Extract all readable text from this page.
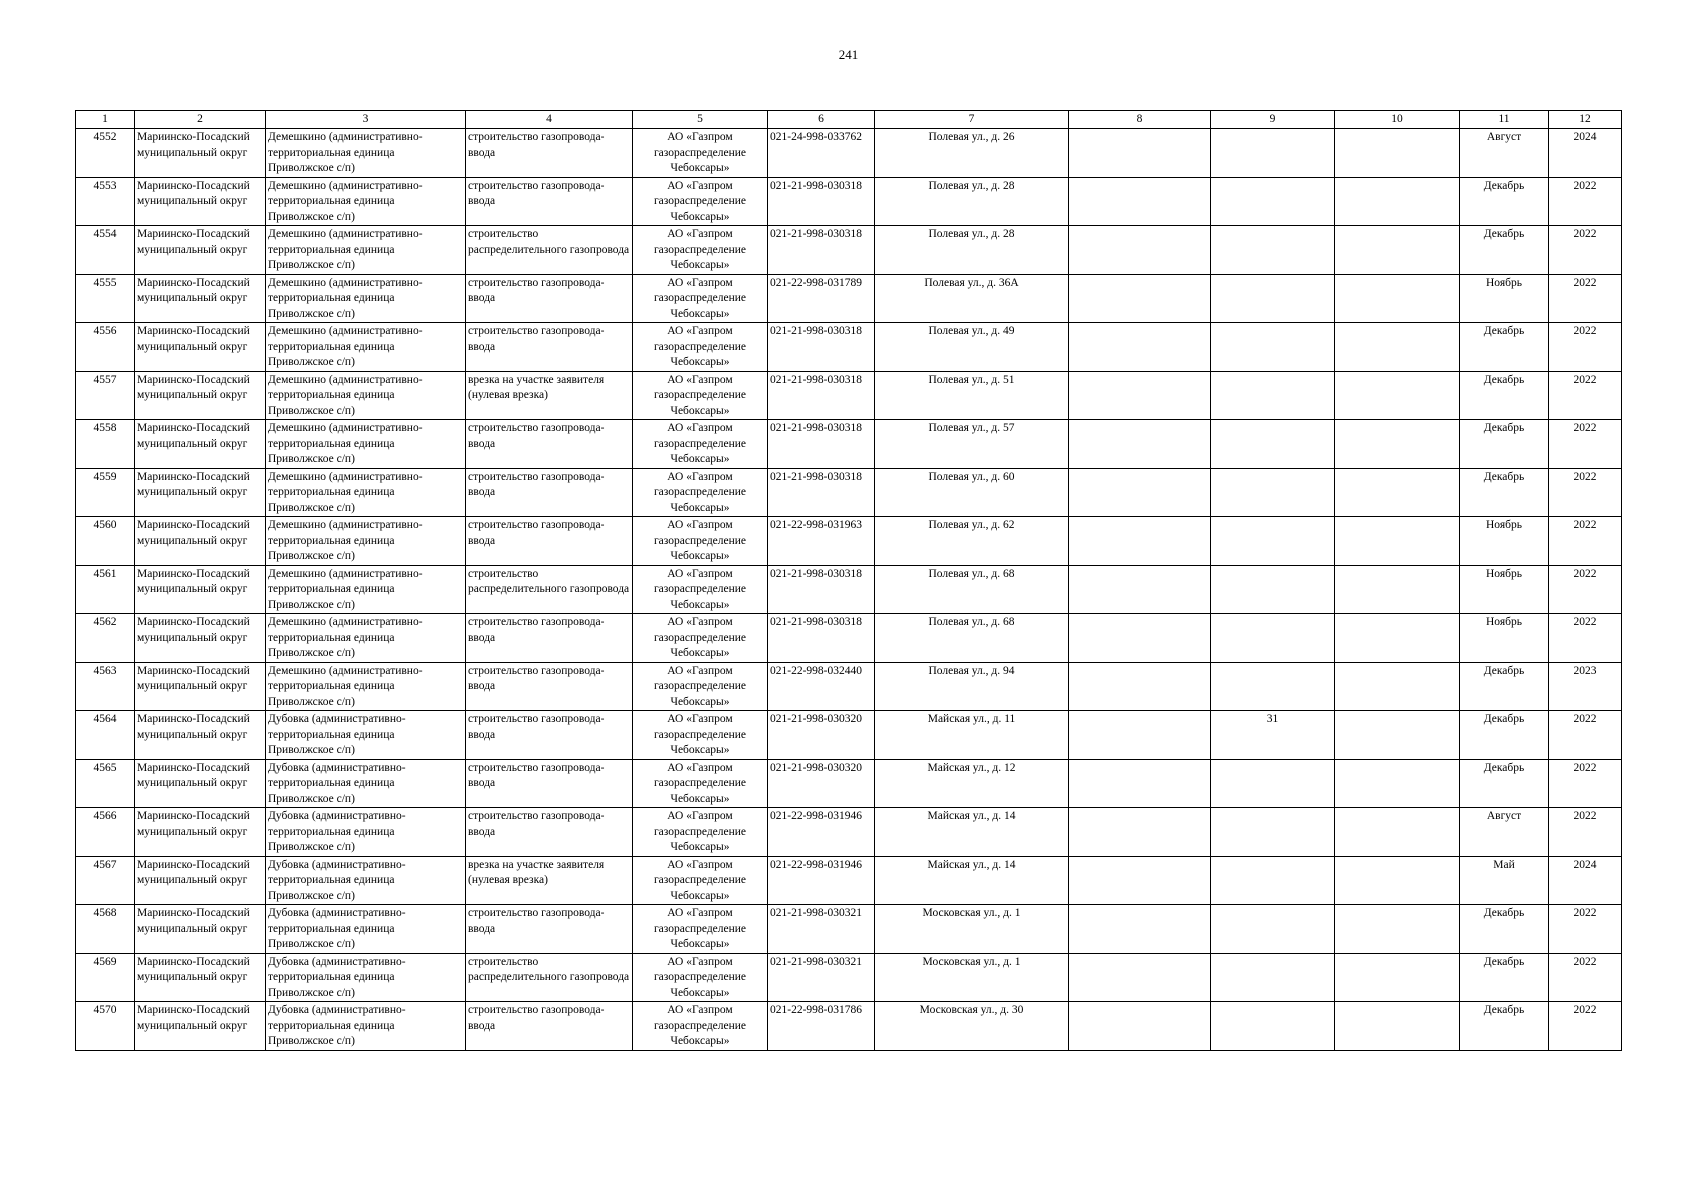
241
1	2	3	4	5	6	7	8	9	10	11	12
4552	Мариинско-Посадский муниципальный округ	Демешкино (административно-территориальная единица Приволжское с/п)	строительство газопровода-ввода	АО «Газпром газораспределение Чебоксары»	021-24-998-033762	Полевая ул., д. 26				Август	2024
4553	Мариинско-Посадский муниципальный округ	Демешкино (административно-территориальная единица Приволжское с/п)	строительство газопровода-ввода	АО «Газпром газораспределение Чебоксары»	021-21-998-030318	Полевая ул., д. 28				Декабрь	2022
4554	Мариинско-Посадский муниципальный округ	Демешкино (административно-территориальная единица Приволжское с/п)	строительство распределительного газопровода	АО «Газпром газораспределение Чебоксары»	021-21-998-030318	Полевая ул., д. 28				Декабрь	2022
4555	Мариинско-Посадский муниципальный округ	Демешкино (административно-территориальная единица Приволжское с/п)	строительство газопровода-ввода	АО «Газпром газораспределение Чебоксары»	021-22-998-031789	Полевая ул., д. 36А				Ноябрь	2022
4556	Мариинско-Посадский муниципальный округ	Демешкино (административно-территориальная единица Приволжское с/п)	строительство газопровода-ввода	АО «Газпром газораспределение Чебоксары»	021-21-998-030318	Полевая ул., д. 49				Декабрь	2022
4557	Мариинско-Посадский муниципальный округ	Демешкино (административно-территориальная единица Приволжское с/п)	врезка на участке заявителя (нулевая врезка)	АО «Газпром газораспределение Чебоксары»	021-21-998-030318	Полевая ул., д. 51				Декабрь	2022
4558	Мариинско-Посадский муниципальный округ	Демешкино (административно-территориальная единица Приволжское с/п)	строительство газопровода-ввода	АО «Газпром газораспределение Чебоксары»	021-21-998-030318	Полевая ул., д. 57				Декабрь	2022
4559	Мариинско-Посадский муниципальный округ	Демешкино (административно-территориальная единица Приволжское с/п)	строительство газопровода-ввода	АО «Газпром газораспределение Чебоксары»	021-21-998-030318	Полевая ул., д. 60				Декабрь	2022
4560	Мариинско-Посадский муниципальный округ	Демешкино (административно-территориальная единица Приволжское с/п)	строительство газопровода-ввода	АО «Газпром газораспределение Чебоксары»	021-22-998-031963	Полевая ул., д. 62				Ноябрь	2022
4561	Мариинско-Посадский муниципальный округ	Демешкино (административно-территориальная единица Приволжское с/п)	строительство распределительного газопровода	АО «Газпром газораспределение Чебоксары»	021-21-998-030318	Полевая ул., д. 68				Ноябрь	2022
4562	Мариинско-Посадский муниципальный округ	Демешкино (административно-территориальная единица Приволжское с/п)	строительство газопровода-ввода	АО «Газпром газораспределение Чебоксары»	021-21-998-030318	Полевая ул., д. 68				Ноябрь	2022
4563	Мариинско-Посадский муниципальный округ	Демешкино (административно-территориальная единица Приволжское с/п)	строительство газопровода-ввода	АО «Газпром газораспределение Чебоксары»	021-22-998-032440	Полевая ул., д. 94				Декабрь	2023
4564	Мариинско-Посадский муниципальный округ	Дубовка (административно-территориальная единица Приволжское с/п)	строительство газопровода-ввода	АО «Газпром газораспределение Чебоксары»	021-21-998-030320	Майская ул., д. 11		31		Декабрь	2022
4565	Мариинско-Посадский муниципальный округ	Дубовка (административно-территориальная единица Приволжское с/п)	строительство газопровода-ввода	АО «Газпром газораспределение Чебоксары»	021-21-998-030320	Майская ул., д. 12				Декабрь	2022
4566	Мариинско-Посадский муниципальный округ	Дубовка (административно-территориальная единица Приволжское с/п)	строительство газопровода-ввода	АО «Газпром газораспределение Чебоксары»	021-22-998-031946	Майская ул., д. 14				Август	2022
4567	Мариинско-Посадский муниципальный округ	Дубовка (административно-территориальная единица Приволжское с/п)	врезка на участке заявителя (нулевая врезка)	АО «Газпром газораспределение Чебоксары»	021-22-998-031946	Майская ул., д. 14				Май	2024
4568	Мариинско-Посадский муниципальный округ	Дубовка (административно-территориальная единица Приволжское с/п)	строительство газопровода-ввода	АО «Газпром газораспределение Чебоксары»	021-21-998-030321	Московская ул., д. 1				Декабрь	2022
4569	Мариинско-Посадский муниципальный округ	Дубовка (административно-территориальная единица Приволжское с/п)	строительство распределительного газопровода	АО «Газпром газораспределение Чебоксары»	021-21-998-030321	Московская ул., д. 1				Декабрь	2022
4570	Мариинско-Посадский муниципальный округ	Дубовка (административно-территориальная единица Приволжское с/п)	строительство газопровода-ввода	АО «Газпром газораспределение Чебоксары»	021-22-998-031786	Московская ул., д. 30				Декабрь	2022
